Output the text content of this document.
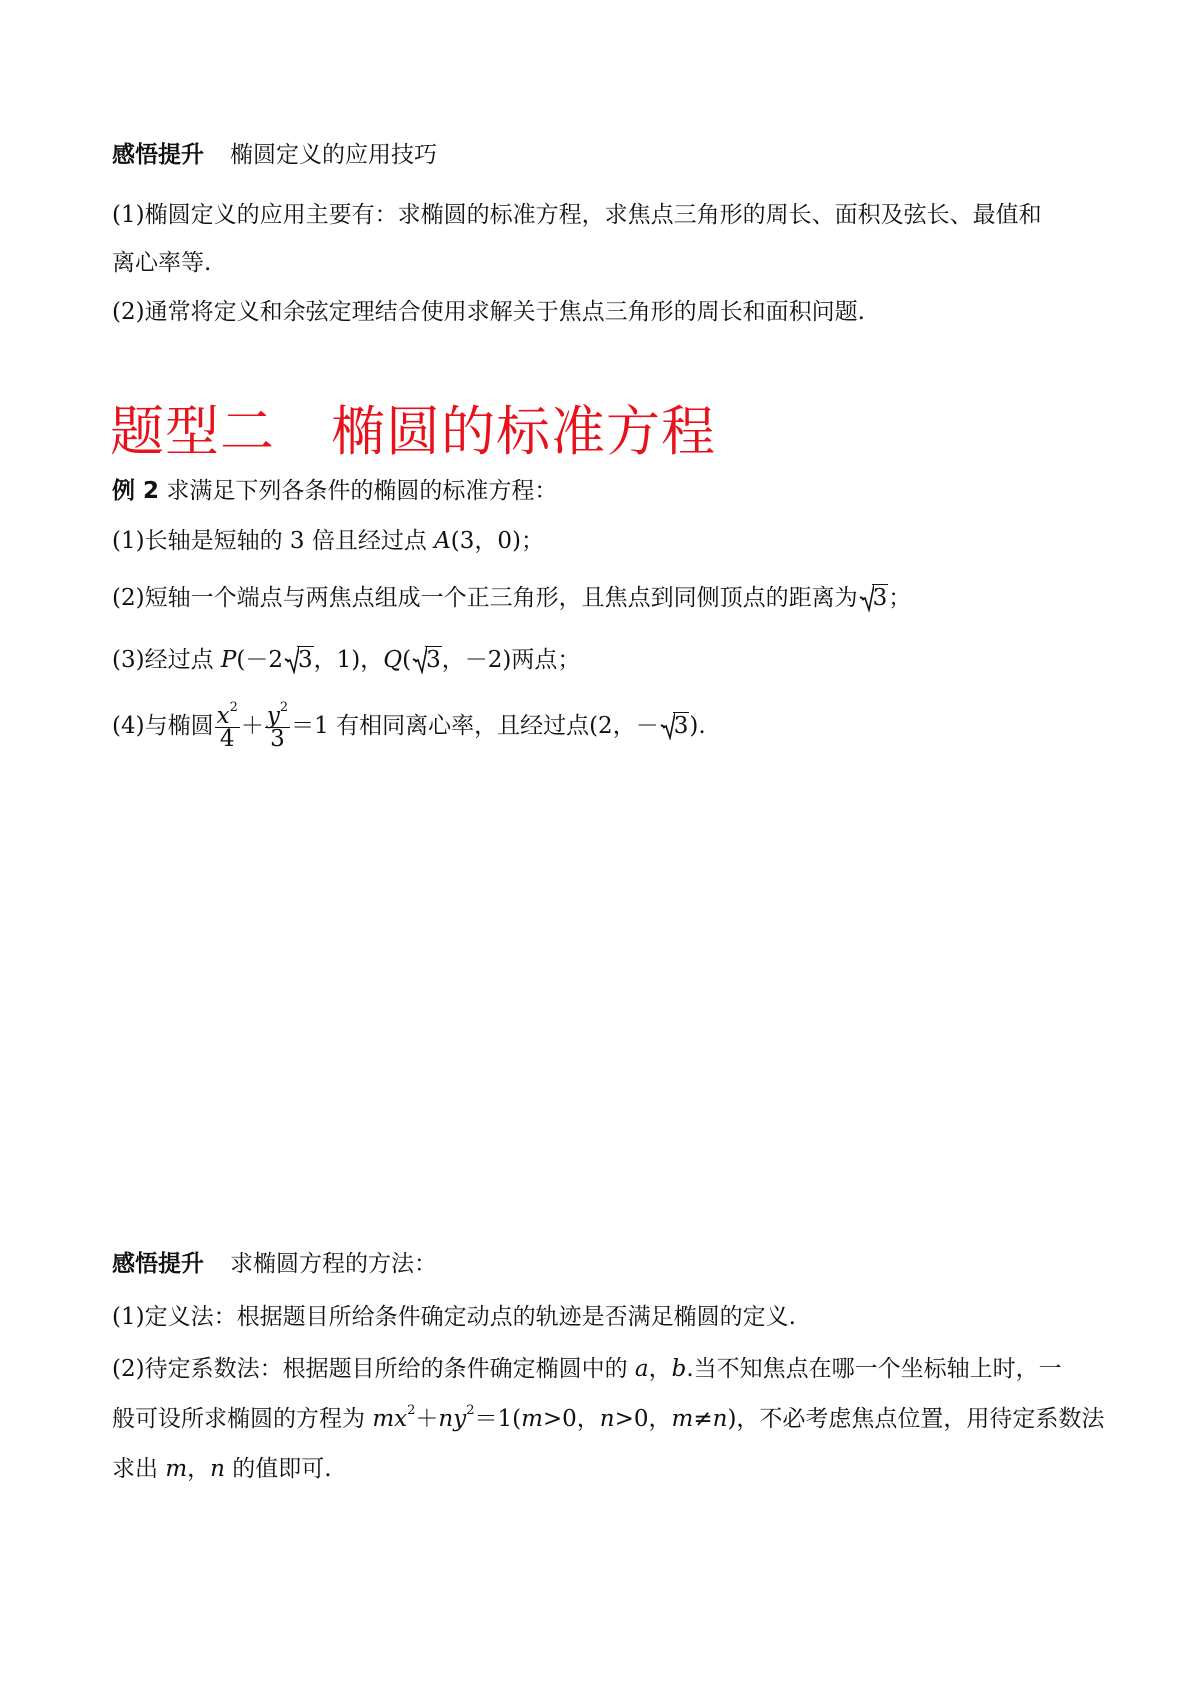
感悟提升 椭圆定义的应用技巧
(1)椭圆定义的应用主要有：求椭圆的标准方程，求焦点三角形的周长、面积及弦长、最值和
离心率等.
(2)通常将定义和余弦定理结合使用求解关于焦点三角形的周长和面积问题.
题型二 椭圆的标准方程
例 2 求满足下列各条件的椭圆的标准方程：
(1)长轴是短轴的 3 倍且经过点 A(3，0)；
(2)短轴一个端点与两焦点组成一个正三角形，且焦点到同侧顶点的距离为 3；
(3)经过点 P(－2 3，1)，Q( 3，－2)两点；
(4)与椭圆 $\frac{x^2}{4} + \frac{y^2}{3} =1$ 有相同离心率，且经过点(2，－ 3).
感悟提升 求椭圆方程的方法：
(1)定义法：根据题目所给条件确定动点的轨迹是否满足椭圆的定义.
(2)待定系数法：根据题目所给的条件确定椭圆中的 a，b.当不知焦点在哪一个坐标轴上时，一
般可设所求椭圆的方程为 $mx^2+ny^2=1(m>0$，n>0，m≠n)，不必考虑焦点位置，用待定系数法
求出 m，n 的值即可.
